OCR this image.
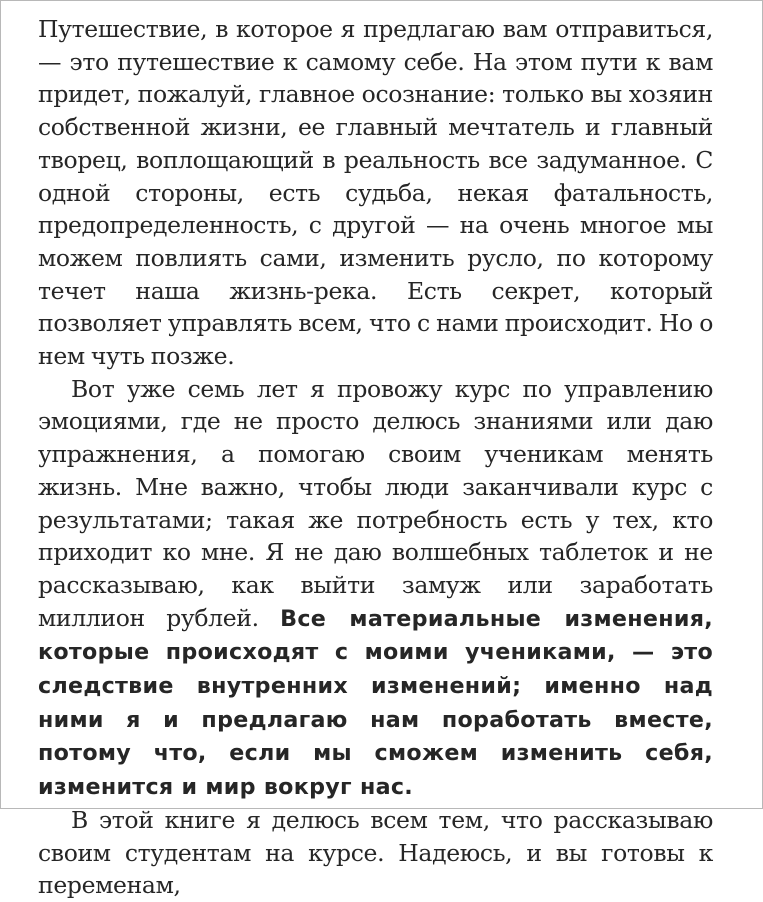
Путешествие, в которое я предлагаю вам отправиться, — это путешествие к самому себе. На этом пути к вам придет, пожалуй, главное осознание: только вы хозяин собственной жизни, ее главный мечтатель и главный творец, воплощающий в реальность все задуманное. С одной стороны, есть судьба, некая фатальность, предопределенность, с другой — на очень многое мы можем повлиять сами, изменить русло, по которому течет наша жизнь-река. Есть секрет, который позволяет управлять всем, что с нами происходит. Но о нем чуть позже.

Вот уже семь лет я провожу курс по управлению эмоциями, где не просто делюсь знаниями или даю упражнения, а помогаю своим ученикам менять жизнь. Мне важно, чтобы люди заканчивали курс с результатами; такая же потребность есть у тех, кто приходит ко мне. Я не даю волшебных таблеток и не рассказываю, как выйти замуж или заработать миллион рублей. Все материальные изменения, которые происходят с моими учениками, — это следствие внутренних изменений; именно над ними я и предлагаю нам поработать вместе, потому что, если мы сможем изменить себя, изменится и мир вокруг нас.

В этой книге я делюсь всем тем, что рассказываю своим студентам на курсе. Надеюсь, и вы готовы к переменам,
